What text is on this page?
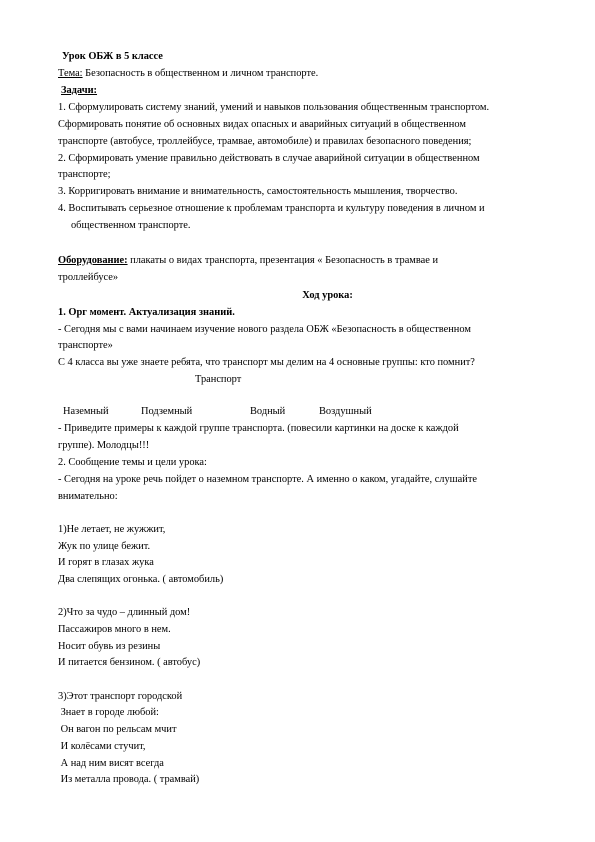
Урок ОБЖ в 5 классе
Тема: Безопасность в общественном и личном транспорте.
Задачи:
1. Сформулировать систему знаний, умений и навыков пользования общественным транспортом.
Сформировать понятие об основных видах опасных и аварийных ситуаций в общественном
транспорте (автобусе, троллейбусе, трамвае, автомобиле) и правилах безопасного поведения;
2. Сформировать умение правильно действовать в случае аварийной ситуации в общественном
транспорте;
3. Корригировать внимание и внимательность, самостоятельность мышления, творчество.
4. Воспитывать серьезное отношение к проблемам транспорта и культуру поведения в личном и
общественном транспорте.
Оборудование: плакаты о видах транспорта, презентация « Безопасность в трамвае и
троллейбусе»
Ход урока:
1. Орг момент. Актуализация знаний.
- Сегодня мы с вами начинаем изучение нового раздела ОБЖ «Безопасность в общественном
транспорте»
С 4 класса вы уже знаете ребята, что транспорт мы делим на 4 основные группы: кто помнит?
Транспорт
Наземный	Подземный	Водный	Воздушный
- Приведите примеры к каждой группе транспорта. (повесили картинки на доске к каждой
группе). Молодцы!!!
2. Сообщение темы и цели урока:
- Сегодня на уроке речь пойдет о наземном транспорте. А именно о каком, угадайте, слушайте
внимательно:
1)Не летает, не жужжит,
Жук по улице бежит.
И горят в глазах жука
Два слепящих огонька. ( автомобиль)
2)Что за чудо – длинный дом!
Пассажиров много в нем.
Носит обувь из резины
И питается бензином. ( автобус)
3)Этот транспорт городской
Знает в городе любой:
Он вагон по рельсам мчит
И колёсами стучит,
А над ним висят всегда
Из металла провода. ( трамвай)
